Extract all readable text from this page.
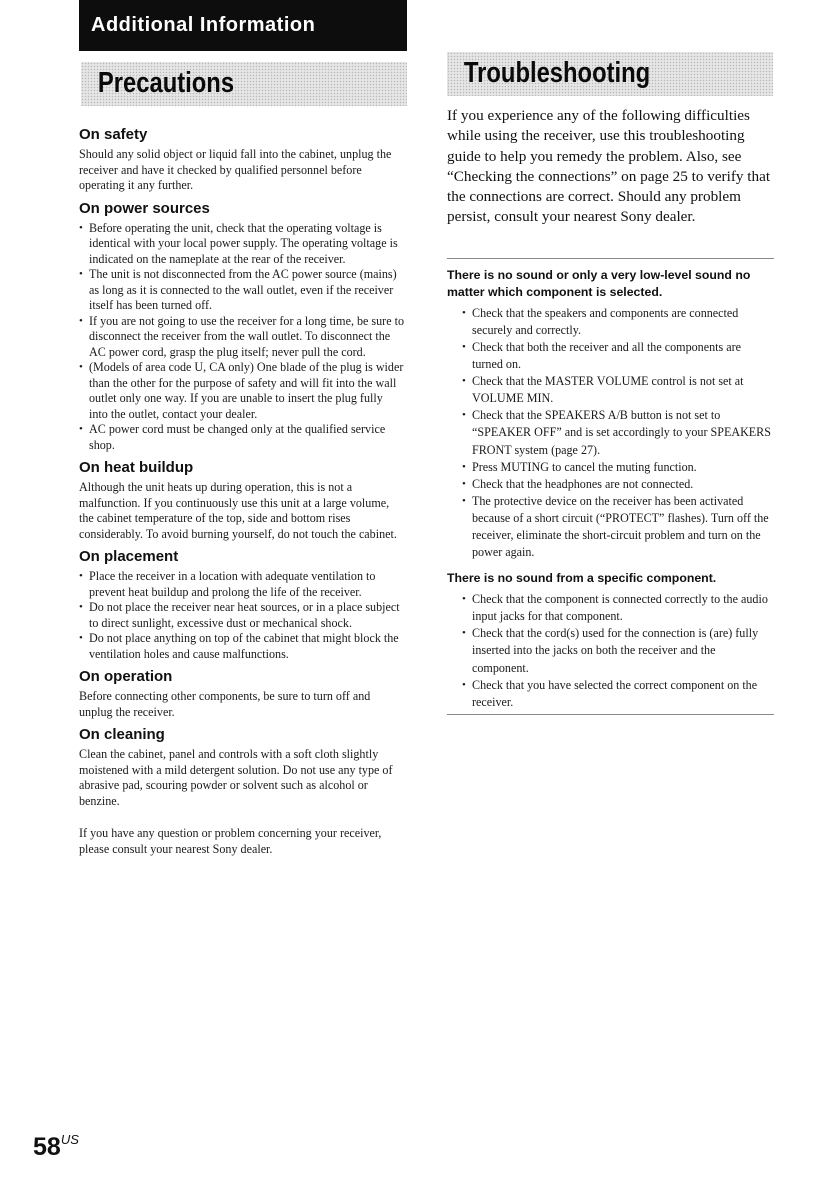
Additional Information
Precautions	Troubleshooting
On safety

Should any solid object or liquid fall into the cabinet, unplug the receiver and have it checked by qualified personnel before operating it any further.

On power sources
• Before operating the unit, check that the operating voltage is identical with your local power supply. The operating voltage is indicated on the nameplate at the rear of the receiver.
• The unit is not disconnected from the AC power source (mains) as long as it is connected to the wall outlet, even if the receiver itself has been turned off.
• If you are not going to use the receiver for a long time, be sure to disconnect the receiver from the wall outlet. To disconnect the AC power cord, grasp the plug itself; never pull the cord.
• (Models of area code U, CA only) One blade of the plug is wider than the other for the purpose of safety and will fit into the wall outlet only one way. If you are unable to insert the plug fully into the outlet, contact your dealer.
• AC power cord must be changed only at the qualified service shop.
On heat buildup

Although the unit heats up during operation, this is not a malfunction. If you continuously use this unit at a large volume, the cabinet temperature of the top, side and bottom rises considerably. To avoid burning yourself, do not touch the cabinet.

On placement
• Place the receiver in a location with adequate ventilation to prevent heat buildup and prolong the life of the receiver.
• Do not place the receiver near heat sources, or in a place subject to direct sunlight, excessive dust or mechanical shock.
• Do not place anything on top of the cabinet that might block the ventilation holes and cause malfunctions.
On operation

Before connecting other components, be sure to turn off and unplug the receiver.

On cleaning

Clean the cabinet, panel and controls with a soft cloth slightly moistened with a mild detergent solution. Do not use any type of abrasive pad, scouring powder or solvent such as alcohol or benzine.

If you have any question or problem concerning your receiver, please consult your nearest Sony dealer.

If you experience any of the following difficulties while using the receiver, use this troubleshooting guide to help you remedy the problem. Also, see “Checking the connections” on page 25 to verify that the connections are correct. Should any problem persist, consult your nearest Sony dealer.

There is no sound or only a very low-level sound no matter which component is selected.
• Check that the speakers and components are connected securely and correctly.
• Check that both the receiver and all the components are turned on.
• Check that the MASTER VOLUME control is not set at VOLUME MIN.
• Check that the SPEAKERS A/B button is not set to “SPEAKER OFF” and is set accordingly to your SPEAKERS FRONT system (page 27).
• Press MUTING to cancel the muting function.
• Check that the headphones are not connected.
• The protective device on the receiver has been activated because of a short circuit (“PROTECT” flashes). Turn off the receiver, eliminate the short-circuit problem and turn on the power again.
There is no sound from a specific component.
• Check that the component is connected correctly to the audio input jacks for that component.
• Check that the cord(s) used for the connection is (are) fully inserted into the jacks on both the receiver and the component.
• Check that you have selected the correct component on the receiver.
$58^{US}$
